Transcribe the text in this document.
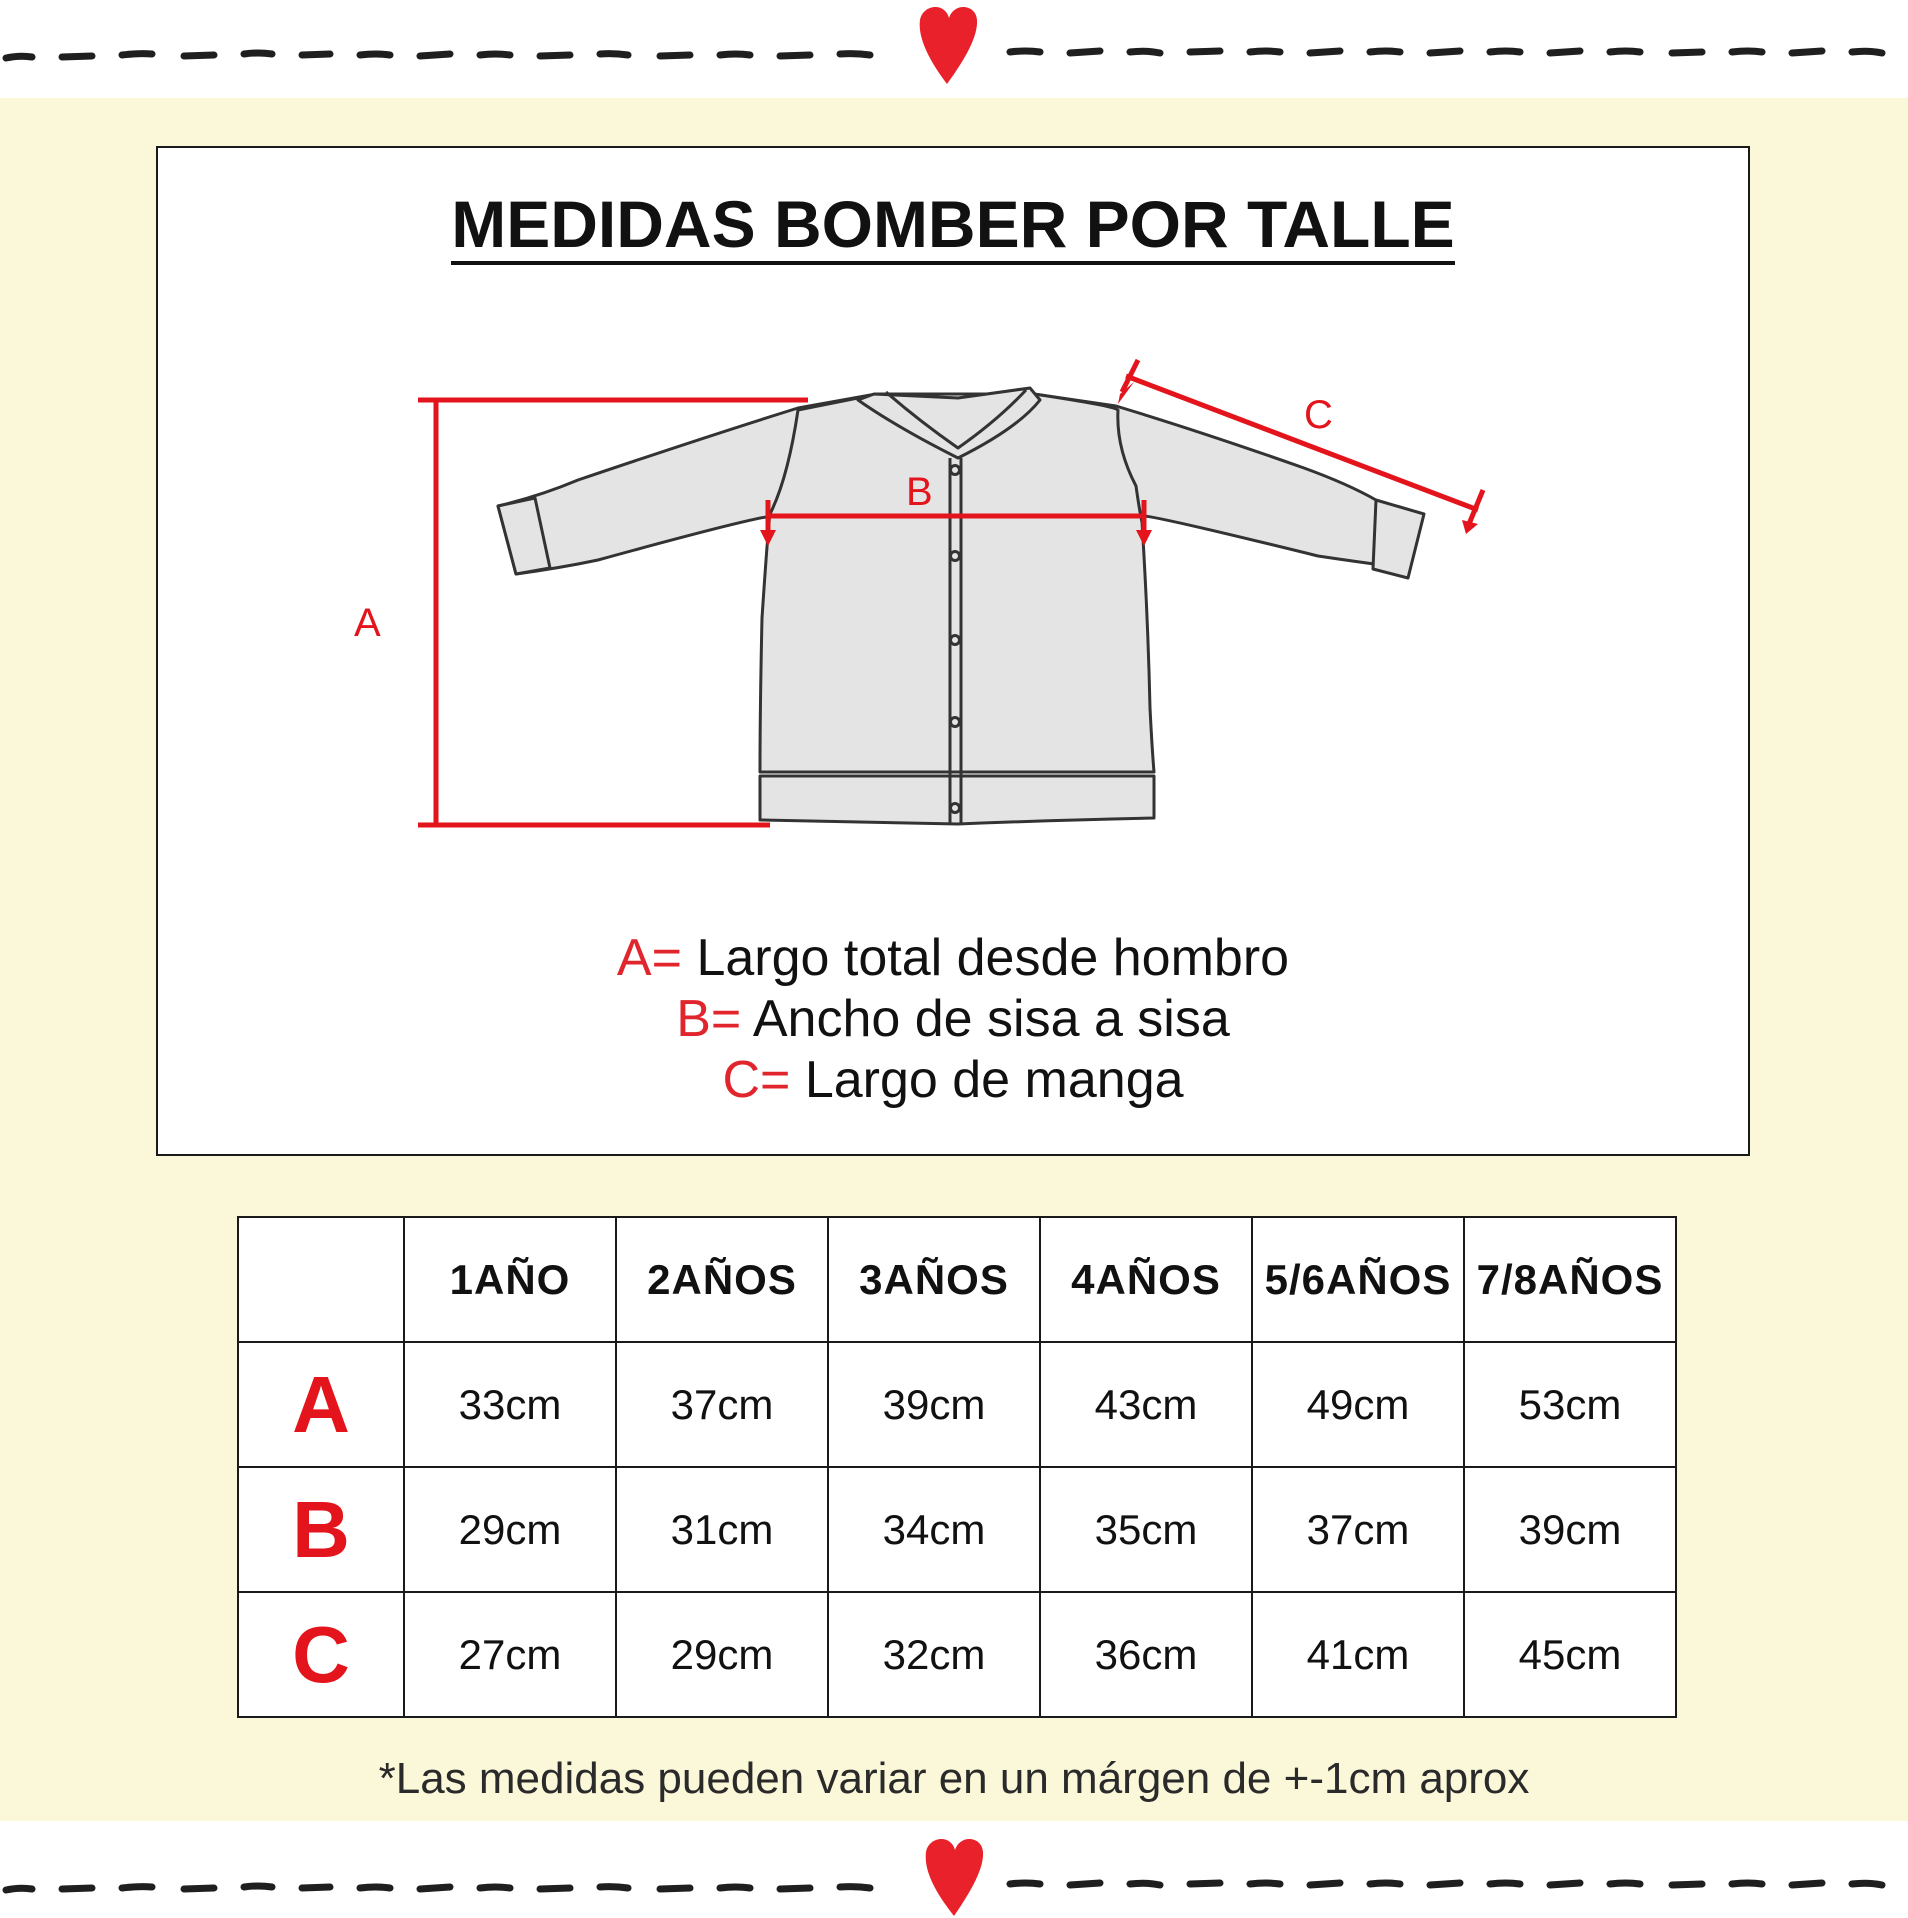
MEDIDAS BOMBER POR TALLE
A
B
C
A= Largo total desde hombro
B= Ancho de sisa a sisa
C= Largo de manga
	1AÑO	2AÑOS	3AÑOS	4AÑOS	5/6AÑOS	7/8AÑOS
A	33cm	37cm	39cm	43cm	49cm	53cm
B	29cm	31cm	34cm	35cm	37cm	39cm
C	27cm	29cm	32cm	36cm	41cm	45cm
*Las medidas pueden variar en un márgen de +-1cm aprox
